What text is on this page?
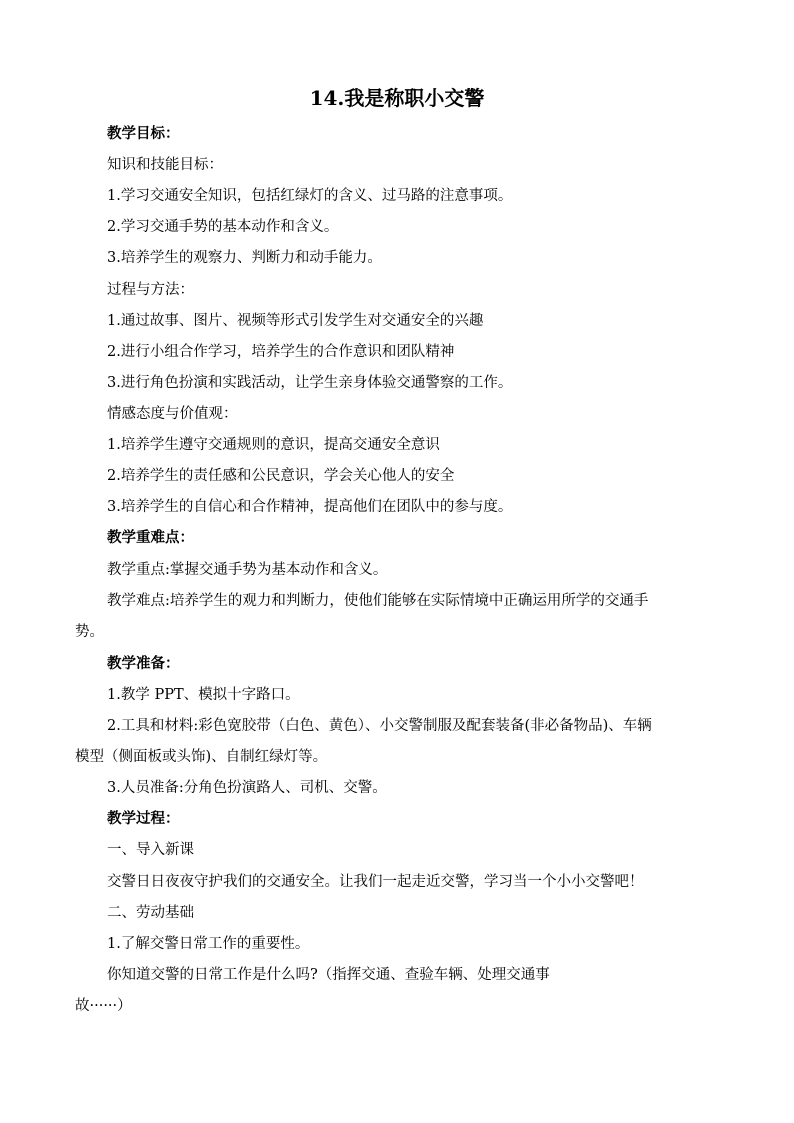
14.我是称职小交警
教学目标：
知识和技能目标：
1.学习交通安全知识，包括红绿灯的含义、过马路的注意事项。
2.学习交通手势的基本动作和含义。
3.培养学生的观察力、判断力和动手能力。
过程与方法：
1.通过故事、图片、视频等形式引发学生对交通安全的兴趣
2.进行小组合作学习，培养学生的合作意识和团队精神
3.进行角色扮演和实践活动，让学生亲身体验交通警察的工作。
情感态度与价值观：
1.培养学生遵守交通规则的意识，提高交通安全意识
2.培养学生的责任感和公民意识，学会关心他人的安全
3.培养学生的自信心和合作精神，提高他们在团队中的参与度。
教学重难点：
教学重点:掌握交通手势为基本动作和含义。
教学难点:培养学生的观力和判断力，使他们能够在实际情境中正确运用所学的交通手
势。
教学准备：
1.教学 PPT、模拟十字路口。
2.工具和材料:彩色宽胶带（白色、黄色）、小交警制服及配套装备(非必备物品)、车辆
模型（侧面板或头饰)、自制红绿灯等。
3.人员准备:分角色扮演路人、司机、交警。
教学过程：
一、导入新课
交警日日夜夜守护我们的交通安全。让我们一起走近交警，学习当一个小小交警吧！
二、劳动基础
1.了解交警日常工作的重要性。
你知道交警的日常工作是什么吗?（指挥交通、查验车辆、处理交通事
故······）
